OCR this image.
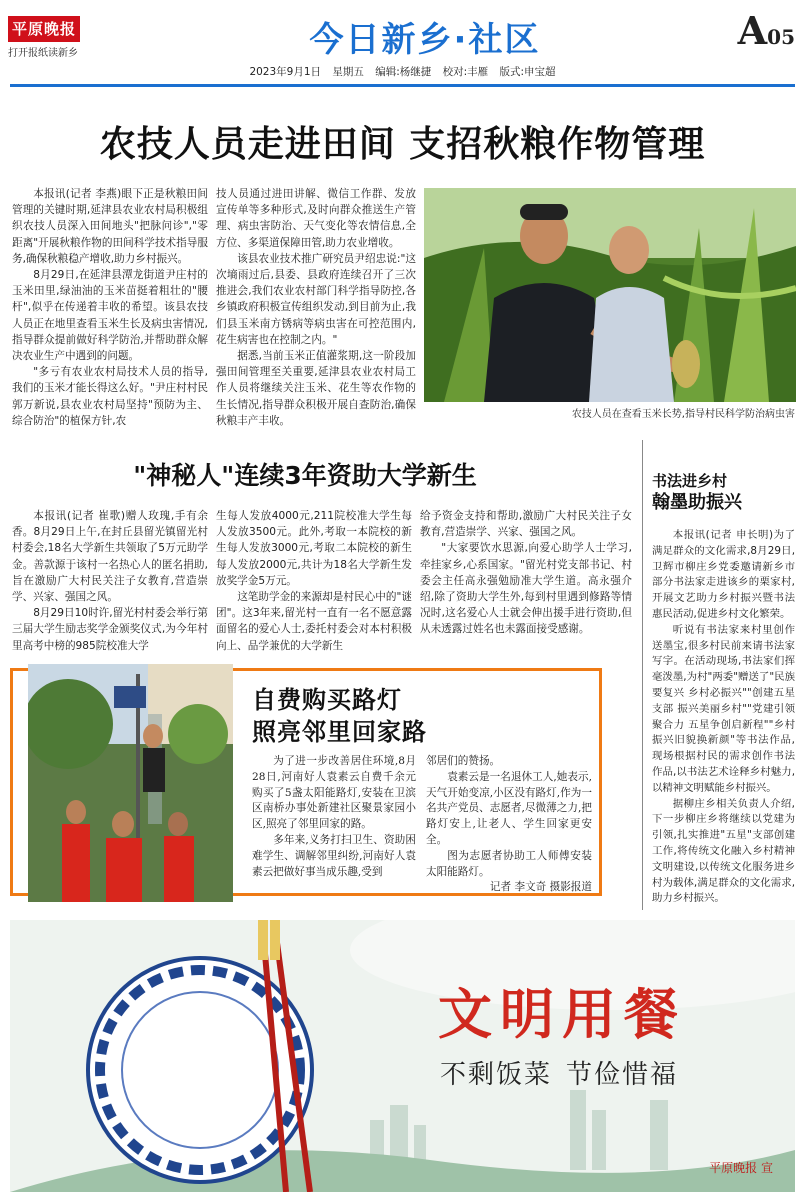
平原晚报
打开报纸读新乡	今日新乡·社区	A05
2023年9月1日 星期五 编辑:杨继捷 校对:丰雁 版式:申宝超
农技人员走进田间 支招秋粮作物管理

本报讯(记者 李燕)眼下正是秋粮田间管理的关键时期,延津县农业农村局积极组织农技人员深入田间地头"把脉问诊","零距离"开展秋粮作物的田间科学技术指导服务,确保秋粮稳产增收,助力乡村振兴。

8月29日,在延津县潭龙街道尹庄村的玉米田里,绿油油的玉米苗挺着粗壮的"腰杆",似乎在传递着丰收的希望。该县农技人员正在地里查看玉米生长及病虫害情况,指导群众提前做好科学防治,并帮助群众解决农业生产中遇到的问题。

"多亏有农业农村局技术人员的指导,我们的玉米才能长得这么好。"尹庄村村民郭万新说,县农业农村局坚持"预防为主、综合防治"的植保方针,农

技人员通过进田讲解、微信工作群、发放宣传单等多种形式,及时向群众推送生产管理、病虫害防治、天气变化等农情信息,全方位、多渠道保障田管,助力农业增收。

该县农业技术推广研究员尹绍忠说:"这次墒雨过后,县委、县政府连续召开了三次推进会,我们农业农村部门科学指导防控,各乡镇政府积极宣传组织发动,到目前为止,我们县玉米南方锈病等病虫害在可控范围内,花生病害也在控制之内。"

据悉,当前玉米正值灌浆期,这一阶段加强田间管理至关重要,延津县农业农村局工作人员将继续关注玉米、花生等农作物的生长情况,指导群众积极开展自查防治,确保秋粮丰产丰收。

农技人员在查看玉米长势,指导村民科学防治病虫害
"神秘人"连续3年资助大学新生

本报讯(记者 崔歌)赠人玫瑰,手有余香。8月29日上午,在封丘县留光镇留光村村委会,18名大学新生共领取了5万元助学金。善款源于该村一名热心人的匿名捐助,旨在激励广大村民关注子女教育,营造崇学、兴家、强国之风。

8月29日10时许,留光村村委会举行第三届大学生励志奖学金颁奖仪式,为今年村里高考中榜的985院校准大学

生每人发放4000元,211院校准大学生每人发放3500元。此外,考取一本院校的新生每人发放3000元,考取二本院校的新生每人发放2000元,共计为18名大学新生发放奖学金5万元。

这笔助学金的来源却是村民心中的"谜团"。这3年来,留光村一直有一名不愿意露面留名的爱心人士,委托村委会对本村积极向上、品学兼优的大学新生

给予资金支持和帮助,激励广大村民关注子女教育,营造崇学、兴家、强国之风。

"大家要饮水思源,向爱心助学人士学习,牵挂家乡,心系国家。"留光村党支部书记、村委会主任高永强勉励准大学生道。高永强介绍,除了资助大学生外,每到村里遇到修路等情况时,这名爱心人士就会伸出援手进行资助,但从未透露过姓名也未露面接受感谢。

书法进乡村
翰墨助振兴

本报讯(记者 申长明)为了满足群众的文化需求,8月29日,卫辉市柳庄乡党委邀请新乡市部分书法家走进该乡的栗家村,开展文艺助力乡村振兴暨书法惠民活动,促进乡村文化繁荣。

听说有书法家来村里创作送墨宝,很多村民前来请书法家写字。在活动现场,书法家们挥毫泼墨,为村"两委"赠送了"民族要复兴 乡村必振兴""创建五星支部 振兴美丽乡村""党建引领聚合力 五星争创启新程""乡村振兴旧貌换新颜"等书法作品,现场根据村民的需求创作书法作品,以书法艺术诠释乡村魅力,以精神文明赋能乡村振兴。

据柳庄乡相关负责人介绍,下一步柳庄乡将继续以党建为引领,扎实推进"五星"支部创建工作,将传统文化融入乡村精神文明建设,以传统文化服务进乡村为载体,满足群众的文化需求,助力乡村振兴。

自费购买路灯
照亮邻里回家路

为了进一步改善居住环境,8月28日,河南好人袁素云自费千余元购买了5盏太阳能路灯,安装在卫滨区南桥办事处新建社区聚景家园小区,照亮了邻里回家的路。

多年来,义务打扫卫生、资助困难学生、调解邻里纠纷,河南好人袁素云把做好事当成乐趣,受到

邻居们的赞扬。

袁素云是一名退休工人,她表示,天气开始变凉,小区没有路灯,作为一名共产党员、志愿者,尽微薄之力,把路灯安上,让老人、学生回家更安全。

图为志愿者协助工人师傅安装太阳能路灯。

记者 李文奇 摄影报道

文明用餐
不剩饭菜 节俭惜福
平原晚报 宣
